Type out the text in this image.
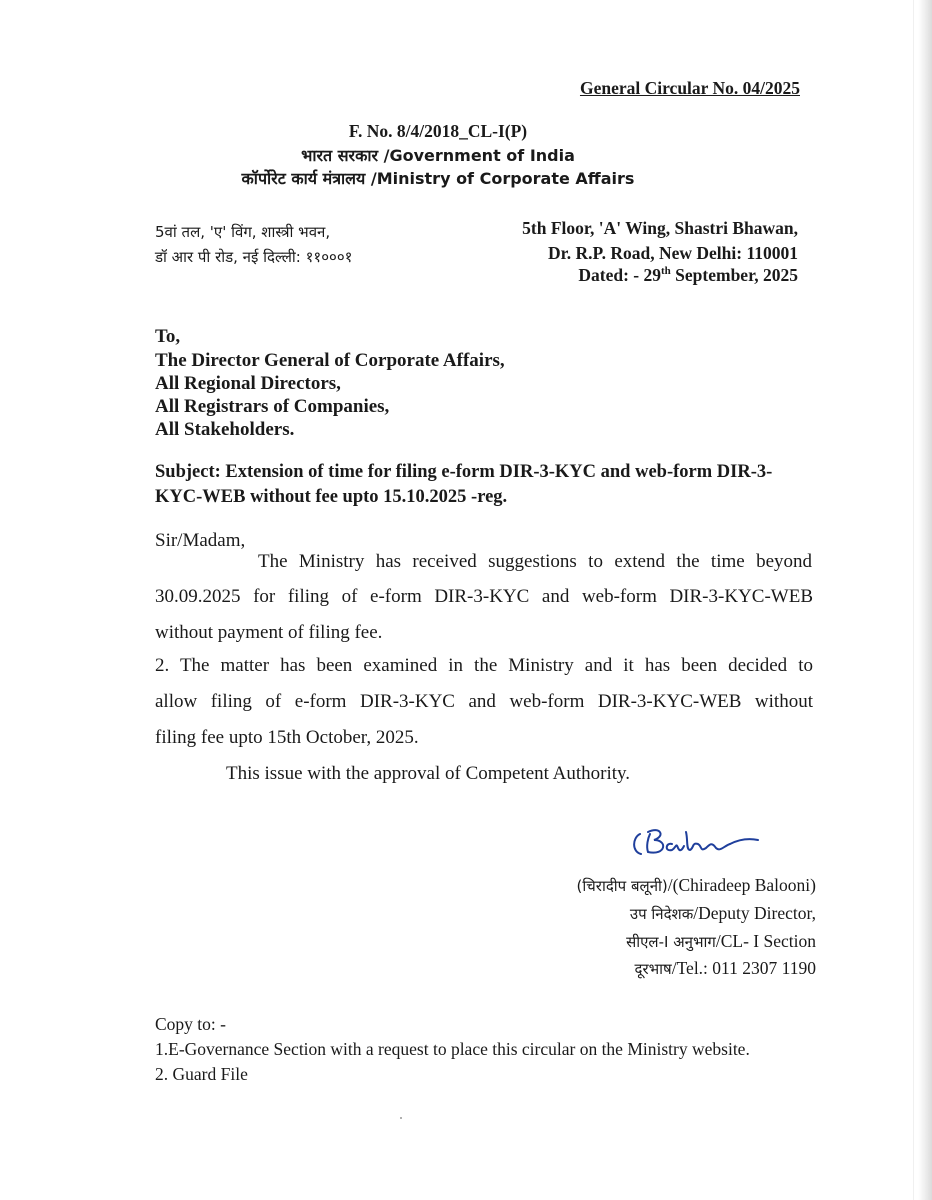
General Circular No. 04/2025
F. No. 8/4/2018_CL-I(P)
भारत सरकार /Government of India
कॉर्पोरेट कार्य मंत्रालय /Ministry of Corporate Affairs
5वां तल, 'ए' विंग, शास्त्री भवन,
डॉ आर पी रोड, नई दिल्ली: ११०००१
5th Floor, 'A' Wing, Shastri Bhawan,
Dr. R.P. Road, New Delhi: 110001
Dated: - 29th September, 2025
To,
The Director General of Corporate Affairs,
All Regional Directors,
All Registrars of Companies,
All Stakeholders.
Subject: Extension of time for filing e-form DIR-3-KYC and web-form DIR-3-KYC-WEB without fee upto 15.10.2025 -reg.
Sir/Madam,
The Ministry has received suggestions to extend the time beyond
30.09.2025 for filing of e-form DIR-3-KYC and web-form DIR-3-KYC-WEB
without payment of filing fee.
2. The matter has been examined in the Ministry and it has been decided to
allow filing of e-form DIR-3-KYC and web-form DIR-3-KYC-WEB without
filing fee upto 15th October, 2025.
This issue with the approval of Competent Authority.
(चिरादीप बलूनी)/(Chiradeep Balooni)
उप निदेशक/Deputy Director,
सीएल-I अनुभाग/CL- I Section
दूरभाष/Tel.: 011 2307 1190
Copy to: -
1.E-Governance Section with a request to place this circular on the Ministry website.
2. Guard File
